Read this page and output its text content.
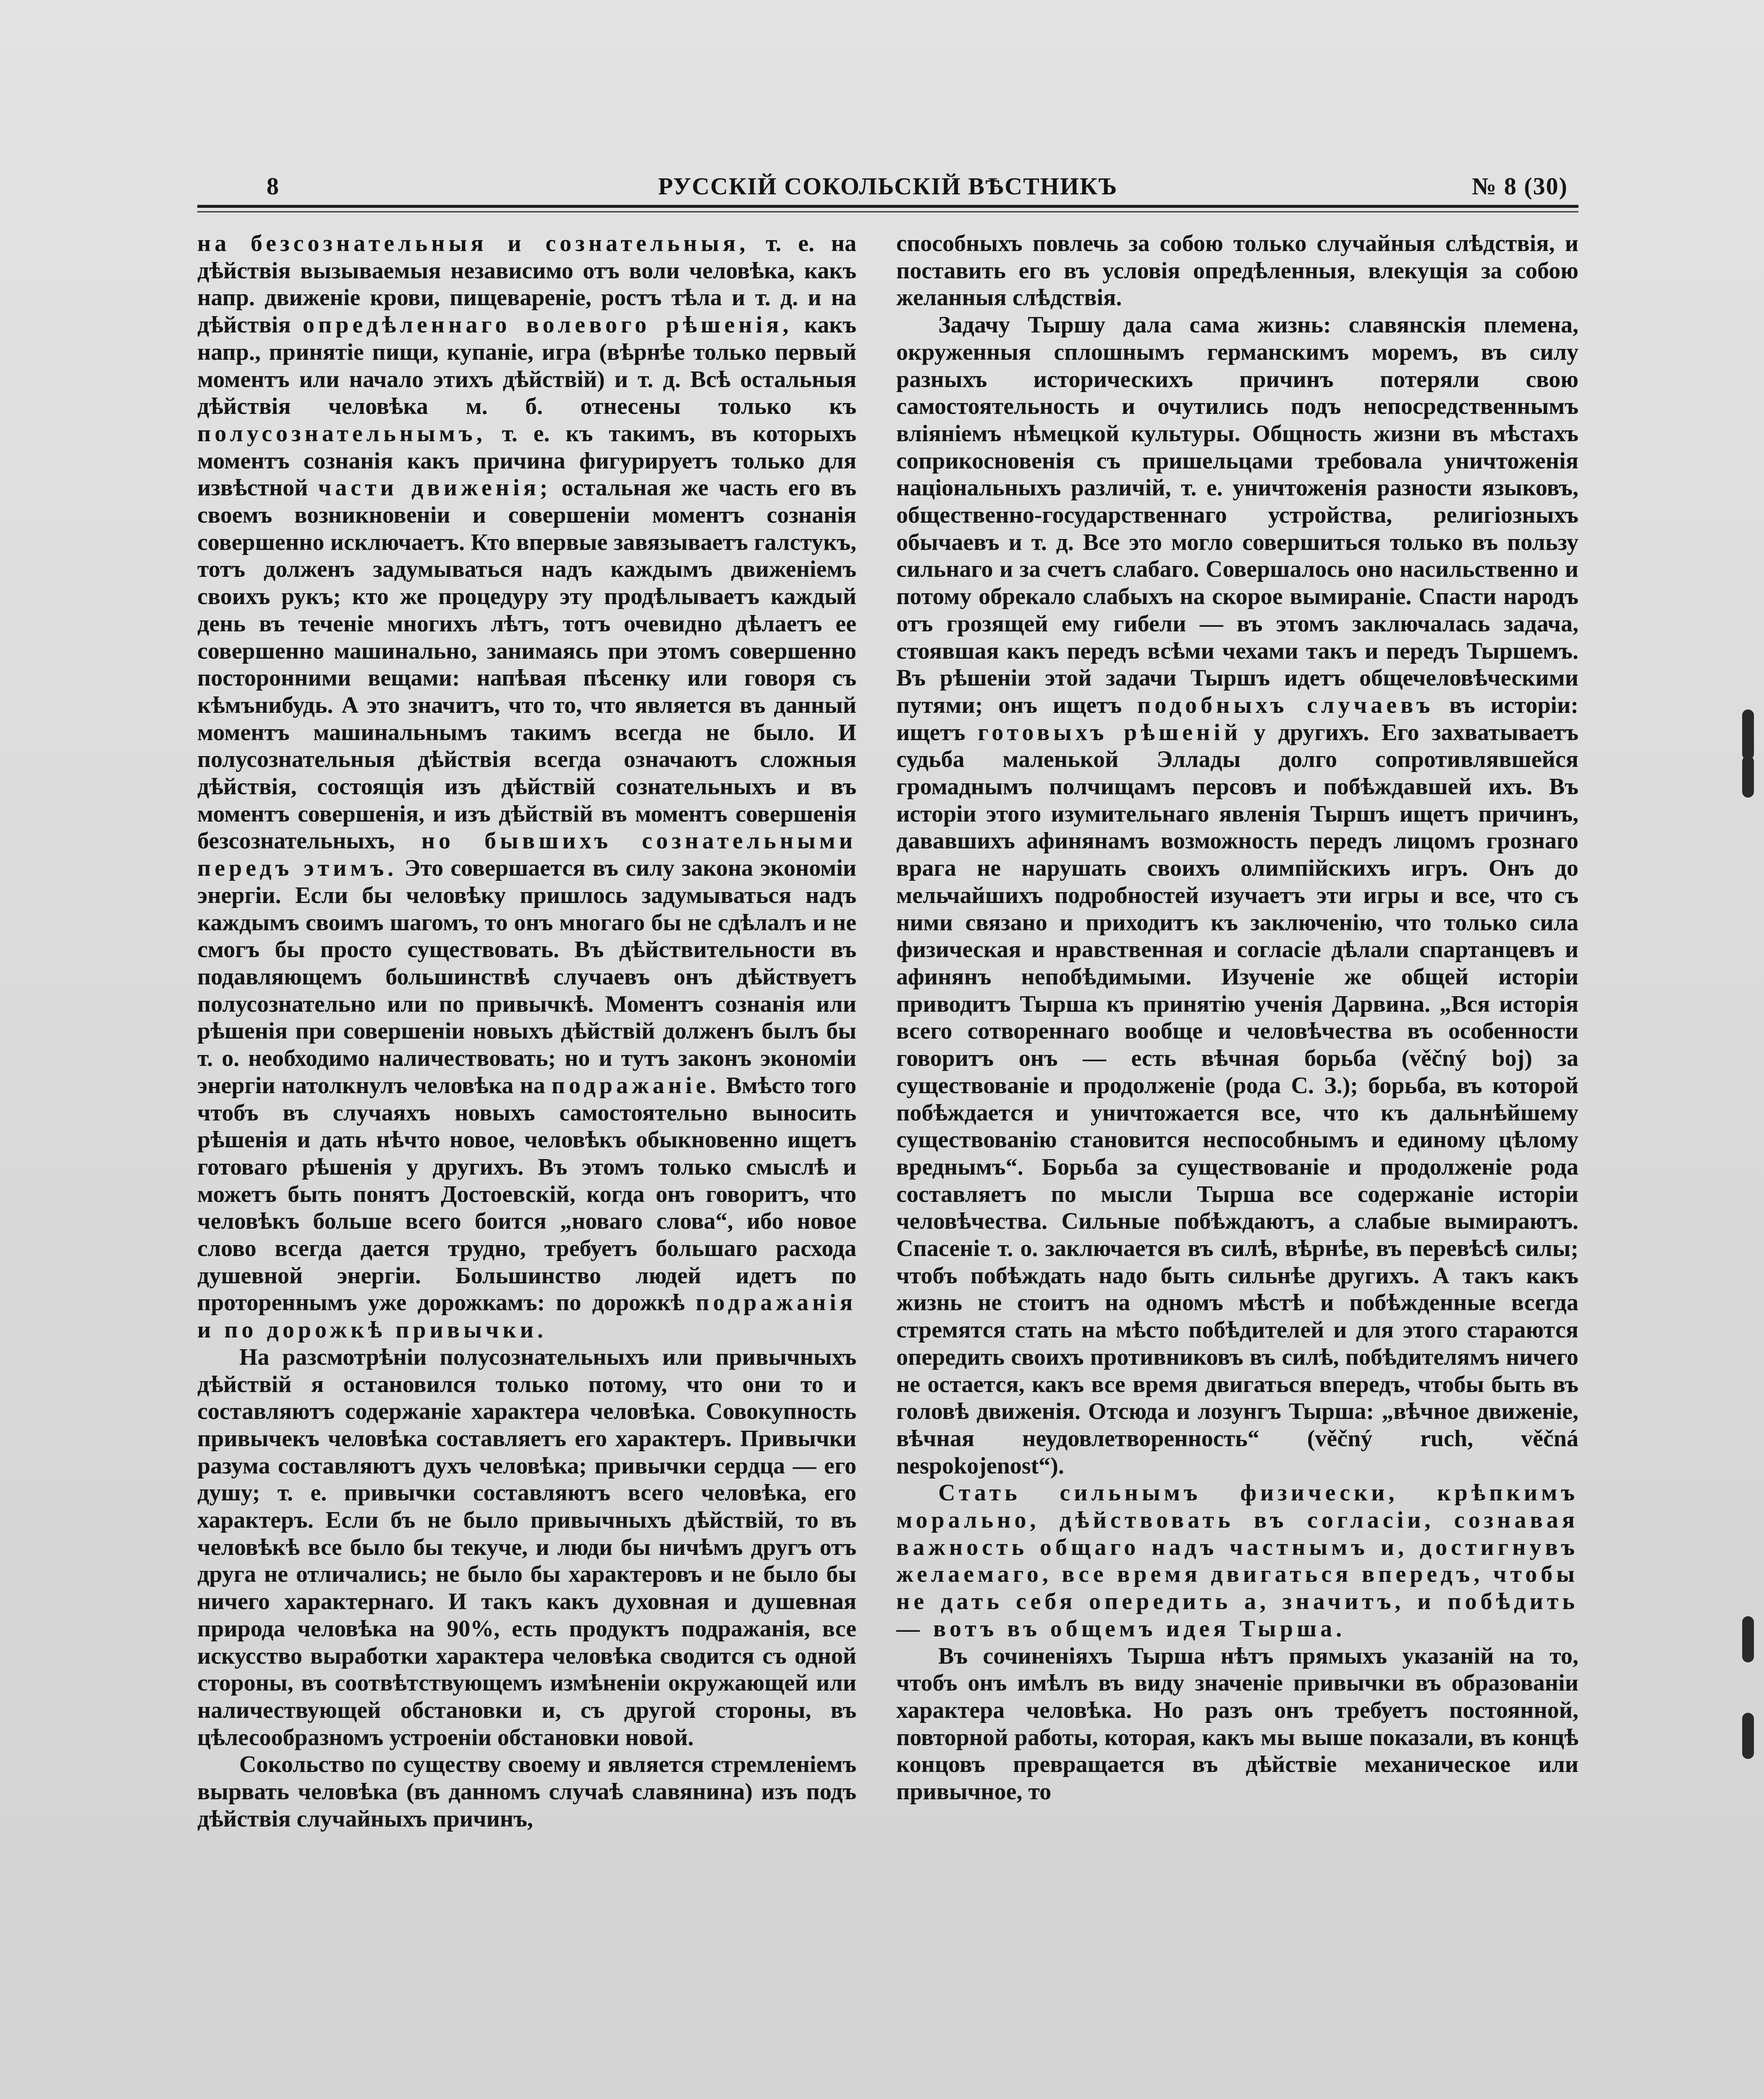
8	РУССКІЙ СОКОЛЬСКІЙ ВѢСТНИКЪ	№ 8 (30)

на безсознательныя и сознательныя, т. е. на дѣйствія вызываемыя независимо отъ воли человѣка, какъ напр. движеніе крови, пищевареніе, ростъ тѣла и т. д. и на дѣйствія опредѣленнаго волевого рѣшенія, какъ напр., принятіе пищи, купаніе, игра (вѣрнѣе только первый моментъ или начало этихъ дѣйствій) и т. д. Всѣ остальныя дѣйствія человѣка м. б. отнесены только къ полусознательнымъ, т. е. къ такимъ, въ которыхъ моментъ сознанія какъ причина фигурируетъ только для извѣстной части движенія; остальная же часть его въ своемъ возникновеніи и совершеніи моментъ сознанія совершенно исключаетъ. Кто впервые завязываетъ галстукъ, тотъ долженъ задумываться надъ каждымъ движеніемъ своихъ рукъ; кто же процедуру эту продѣлываетъ каждый день въ теченіе многихъ лѣтъ, тотъ очевидно дѣлаетъ ее совершенно машинально, занимаясь при этомъ совершенно посторонними вещами: напѣвая пѣсенку или говоря съ кѣмънибудь. А это значитъ, что то, что является въ данный моментъ машинальнымъ такимъ всегда не было. И полусознательныя дѣйствія всегда означаютъ сложныя дѣйствія, состоящія изъ дѣйствій сознательныхъ и въ моментъ совершенія, и изъ дѣйствій въ моментъ совершенія безсознательныхъ, но бывшихъ сознательными передъ этимъ. Это совершается въ силу закона экономіи энергіи. Если бы человѣку пришлось задумываться надъ каждымъ своимъ шагомъ, то онъ многаго бы не сдѣлалъ и не смогъ бы просто существовать. Въ дѣйствительности въ подавляющемъ большинствѣ случаевъ онъ дѣйствуетъ полусознательно или по привычкѣ. Моментъ сознанія или рѣшенія при совершеніи новыхъ дѣйствій долженъ былъ бы т. о. необходимо наличествовать; но и тутъ законъ экономіи энергіи натолкнулъ человѣка на подражаніе. Вмѣсто того чтобъ въ случаяхъ новыхъ самостоятельно выносить рѣшенія и дать нѣчто новое, человѣкъ обыкновенно ищетъ готоваго рѣшенія у другихъ. Въ этомъ только смыслѣ и можетъ быть понятъ Достоевскій, когда онъ говоритъ, что человѣкъ больше всего боится „новаго слова“, ибо новое слово всегда дается трудно, требуетъ большаго расхода душевной энергіи. Большинство людей идетъ по проторeннымъ уже дорожкамъ: по дорожкѣ подражанія и по дорожкѣ привычки.

На разсмотрѣніи полусознательныхъ или привычныхъ дѣйствій я остановился только потому, что они то и составляютъ содержаніе характера человѣка. Совокупность привычекъ человѣка составляетъ его характеръ. Привычки разума составляютъ духъ человѣка; привычки сердца — его душу; т. е. привычки составляютъ всего человѣка, его характеръ. Если бъ не было привычныхъ дѣйствій, то въ человѣкѣ все было бы текуче, и люди бы ничѣмъ другъ отъ друга не отличались; не было бы характеровъ и не было бы ничего характернаго. И такъ какъ духовная и душевная природа человѣка на 90%, есть продуктъ подражанія, все искусство выработки характера человѣка сводится съ одной стороны, въ соотвѣтствующемъ измѣненіи окружающей или наличествующей обстановки и, съ другой стороны, въ цѣлесообразномъ устроеніи обстановки новой.

Сокольство по существу своему и является стремленіемъ вырвать человѣка (въ данномъ случаѣ славянина) изъ подъ дѣйствія случайныхъ причинъ,

способныхъ повлечь за собою только случайныя слѣдствія, и поставить его въ условія опредѣленныя, влекущія за собою желанныя слѣдствія.

Задачу Тыршу дала сама жизнь: славянскія племена, окруженныя сплошнымъ германскимъ моремъ, въ силу разныхъ историческихъ причинъ потеряли свою самостоятельность и очутились подъ непосредственнымъ вліяніемъ нѣмецкой культуры. Общность жизни въ мѣстахъ соприкосновенія съ пришельцами требовала уничтоженія національныхъ различій, т. е. уничтоженія разности языковъ, общественно-государственнаго устройства, религіозныхъ обычаевъ и т. д. Все это могло совершиться только въ пользу сильнаго и за счетъ слабаго. Совершалось оно насильственно и потому обрекало слабыхъ на скорое вымираніе. Спасти народъ отъ грозящей ему гибели — въ этомъ заключалась задача, стоявшая какъ передъ всѣми чехами такъ и передъ Тыршемъ. Въ рѣшеніи этой задачи Тыршъ идетъ общечеловѣческими путями; онъ ищетъ подобныхъ случаевъ въ исторіи: ищетъ готовыхъ рѣшеній у другихъ. Его захватываетъ судьба маленькой Эллады долго сопротивлявшейся громаднымъ полчищамъ персовъ и побѣждавшей ихъ. Въ исторіи этого изумительнаго явленія Тыршъ ищетъ причинъ, дававшихъ афинянамъ возможность передъ лицомъ грознаго врага не нарушать своихъ олимпійскихъ игръ. Онъ до мельчайшихъ подробностей изучаетъ эти игры и все, что съ ними связано и приходитъ къ заключенію, что только сила физическая и нравственная и согласіе дѣлали спартанцевъ и афинянъ непобѣдимыми. Изученіе же общей исторіи приводитъ Тырша къ принятію ученія Дарвина. „Вся исторія всего сотвореннаго вообще и человѣчества въ особенности говоритъ онъ — есть вѣчная борьба (věčný boj) за существованіе и продолженіе (рода С. З.); борьба, въ которой побѣждается и уничтожается все, что къ дальнѣйшему существованію становится неспособнымъ и единому цѣлому вреднымъ“. Борьба за существованіе и продолженіе рода составляетъ по мысли Тырша все содержаніе исторіи человѣчества. Сильные побѣждаютъ, а слабые вымираютъ. Спасеніе т. о. заключается въ силѣ, вѣрнѣе, въ перевѣсѣ силы; чтобъ побѣждать надо быть сильнѣе другихъ. А такъ какъ жизнь не стоитъ на одномъ мѣстѣ и побѣжденные всегда стремятся стать на мѣсто побѣдителей и для этого стараются опередить своихъ противниковъ въ силѣ, побѣдителямъ ничего не остается, какъ все время двигаться впередъ, чтобы быть въ головѣ движенія. Отсюда и лозунгъ Тырша: „вѣчное движеніе, вѣчная неудовлетворенность“ (věčný ruch, věčná nespokojenost“).

Стать сильнымъ физически, крѣпкимъ морально, дѣйствовать въ согласіи, сознавая важность общаго надъ частнымъ и, достигнувъ желаемаго, все время двигаться впередъ, чтобы не дать себя опередить а, значитъ, и побѣдить — вотъ въ общемъ идея Тырша.

Въ сочиненіяхъ Тырша нѣтъ прямыхъ указаній на то, чтобъ онъ имѣлъ въ виду значеніе привычки въ образованіи характера человѣка. Но разъ онъ требуетъ постоянной, повторной работы, которая, какъ мы выше показали, въ концѣ концовъ превращается въ дѣйствіе механическое или привычное, то
